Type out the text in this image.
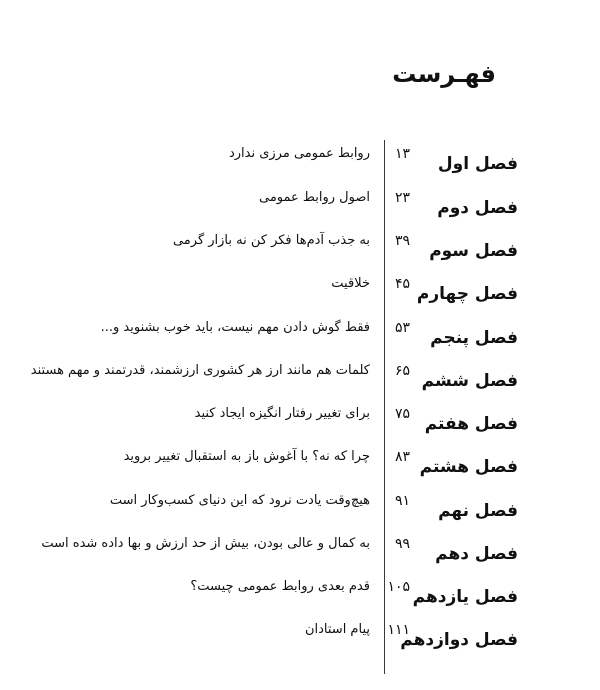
فهـرست
فصل اول
۱۳
روابط عمومی مرزی ندارد
فصل دوم
۲۳
اصول روابط عمومی
فصل سوم
۳۹
به جذب آدم‌ها فکر کن نه بازار گرمی
فصل چهارم
۴۵
خلاقیت
فصل پنجم
۵۳
فقط گوش دادن مهم نیست، باید خوب بشنوید و...
فصل ششم
۶۵
کلمات هم مانند ارز هر کشوری ارزشمند، قدرتمند و مهم هستند
فصل هفتم
۷۵
برای تغییر رفتار انگیزه ایجاد کنید
فصل هشتم
۸۳
چرا که نه؟ با آغوش باز به استقبال تغییر بروید
فصل نهم
۹۱
هیچ‌وقت یادت نرود که این دنیای کسب‌وکار است
فصل دهم
۹۹
به کمال و عالی بودن، بیش از حد ارزش و بها داده شده است
فصل یازدهم
۱۰۵
قدم بعدی روابط عمومی چیست؟
فصل دوازدهم
۱۱۱
پیام استادان
